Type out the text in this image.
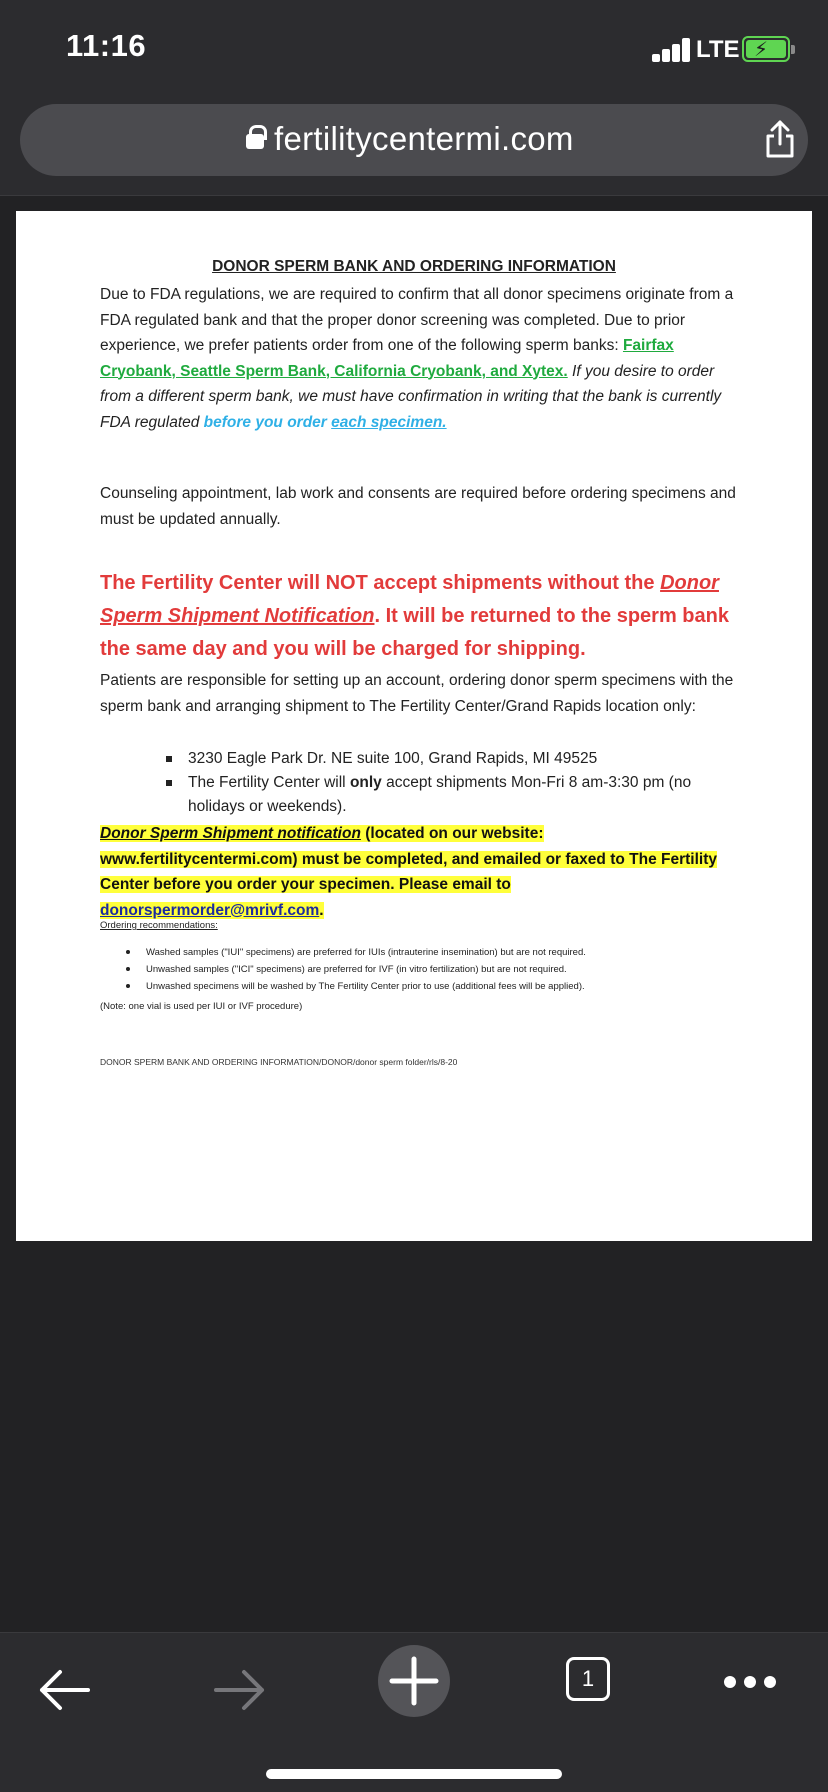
11:16	LTE ⚡
fertilitycentermi.com
DONOR SPERM BANK AND ORDERING INFORMATION
Due to FDA regulations, we are required to confirm that all donor specimens originate from a FDA regulated bank and that the proper donor screening was completed. Due to prior experience, we prefer patients order from one of the following sperm banks: Fairfax Cryobank, Seattle Sperm Bank, California Cryobank, and Xytex. If you desire to order from a different sperm bank, we must have confirmation in writing that the bank is currently FDA regulated before you order each specimen.
Counseling appointment, lab work and consents are required before ordering specimens and must be updated annually.
The Fertility Center will NOT accept shipments without the Donor Sperm Shipment Notification. It will be returned to the sperm bank the same day and you will be charged for shipping.
Patients are responsible for setting up an account, ordering donor sperm specimens with the sperm bank and arranging shipment to The Fertility Center/Grand Rapids location only:
3230 Eagle Park Dr. NE suite 100, Grand Rapids, MI 49525
The Fertility Center will only accept shipments Mon-Fri 8 am-3:30 pm (no holidays or weekends).
Donor Sperm Shipment notification (located on our website: www.fertilitycentermi.com) must be completed, and emailed or faxed to The Fertility Center before you order your specimen. Please email to donorspermorder@mrivf.com.
Ordering recommendations:
Washed samples ("IUI" specimens) are preferred for IUIs (intrauterine insemination) but are not required.
Unwashed samples ("ICI" specimens) are preferred for IVF (in vitro fertilization) but are not required.
Unwashed specimens will be washed by The Fertility Center prior to use (additional fees will be applied).
(Note: one vial is used per IUI or IVF procedure)
DONOR SPERM BANK AND ORDERING INFORMATION/DONOR/donor sperm folder/rls/8-20
1
